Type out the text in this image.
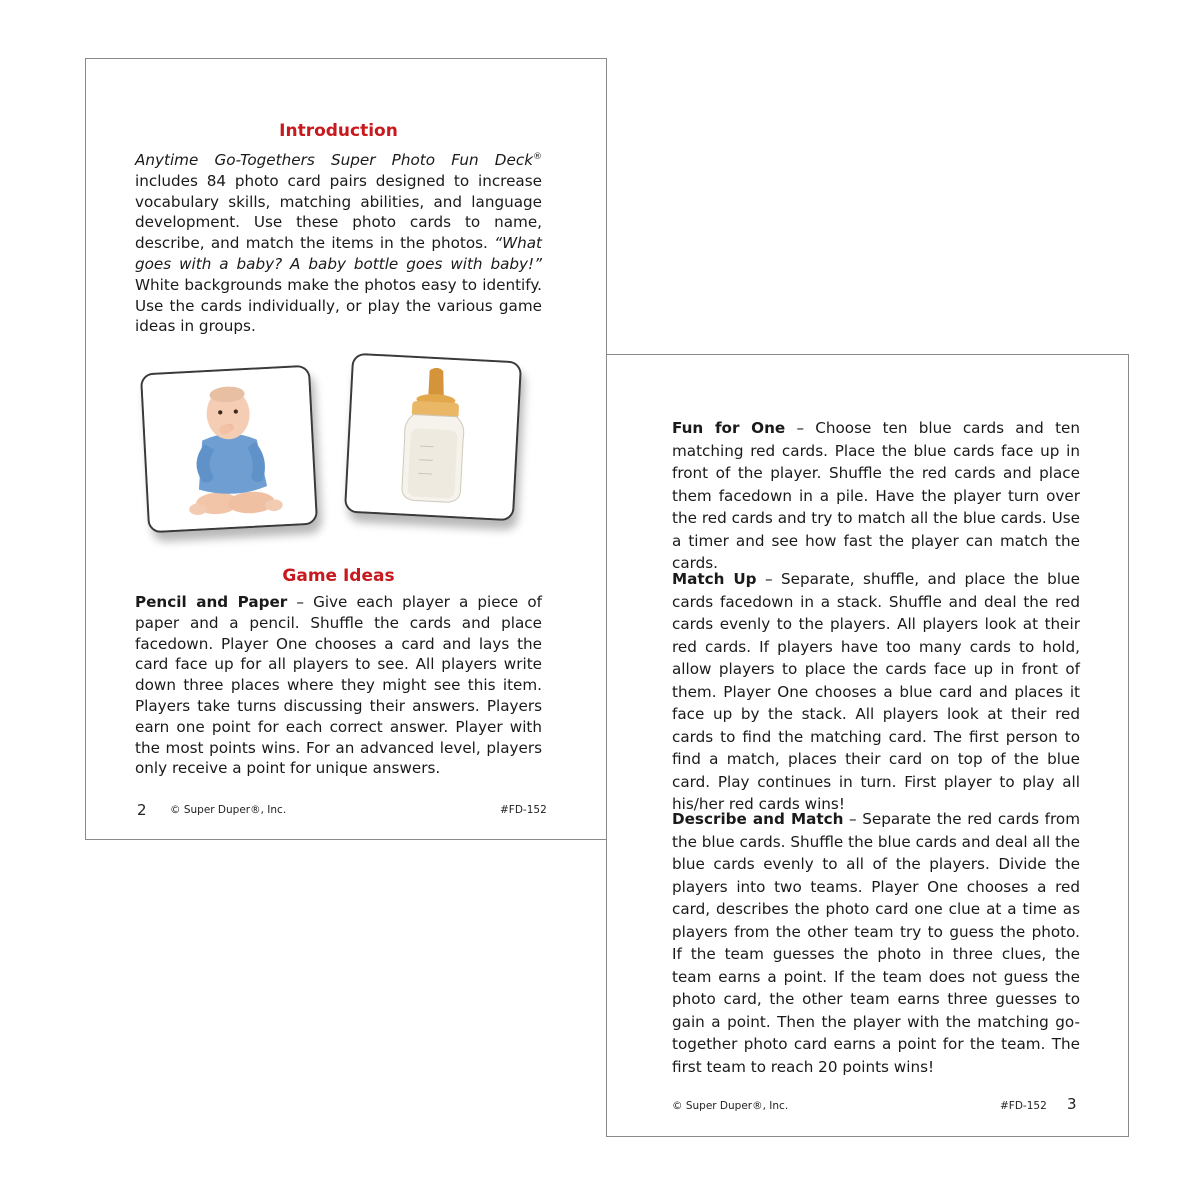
Introduction

Anytime Go-Togethers Super Photo Fun Deck® includes 84 photo card pairs designed to increase vocabulary skills, matching abilities, and language development. Use these photo cards to name, describe, and match the items in the photos. “What goes with a baby? A baby bottle goes with baby!” White backgrounds make the photos easy to identify. Use the cards individually, or play the various game ideas in groups.

Game Ideas

Pencil and Paper – Give each player a piece of paper and a pencil. Shuffle the cards and place facedown. Player One chooses a card and lays the card face up for all players to see. All players write down three places where they might see this item. Players take turns discussing their answers. Players earn one point for each correct answer. Player with the most points wins. For an advanced level, players only receive a point for unique answers.

2 © Super Duper®, Inc.	#FD-152

Fun for One – Choose ten blue cards and ten matching red cards. Place the blue cards face up in front of the player. Shuffle the red cards and place them facedown in a pile. Have the player turn over the red cards and try to match all the blue cards. Use a timer and see how fast the player can match the cards.

Match Up – Separate, shuffle, and place the blue cards facedown in a stack. Shuffle and deal the red cards evenly to the players. All players look at their red cards. If players have too many cards to hold, allow players to place the cards face up in front of them. Player One chooses a blue card and places it face up by the stack. All players look at their red cards to find the matching card. The first person to find a match, places their card on top of the blue card. Play continues in turn. First player to play all his/her red cards wins!

Describe and Match – Separate the red cards from the blue cards. Shuffle the blue cards and deal all the blue cards evenly to all of the players. Divide the players into two teams. Player One chooses a red card, describes the photo card one clue at a time as players from the other team try to guess the photo. If the team guesses the photo in three clues, the team earns a point. If the team does not guess the photo card, the other team earns three guesses to gain a point. Then the player with the matching go-together photo card earns a point for the team. The first team to reach 20 points wins!

© Super Duper®, Inc.	#FD-152 3
